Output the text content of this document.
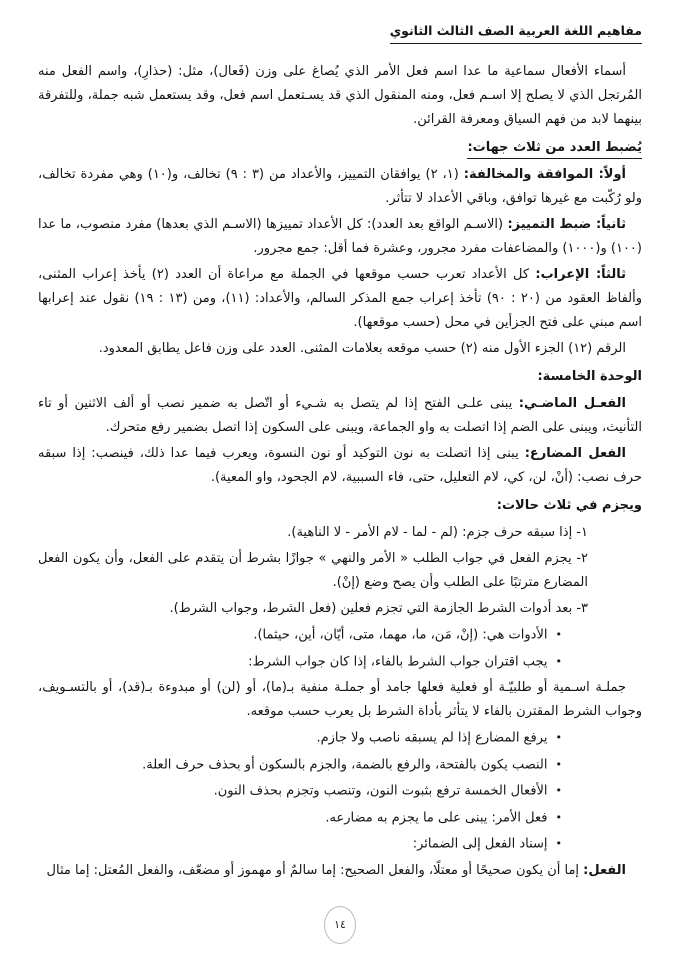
مفاهيم اللغة العربية الصف الثالث الثانوي
أسماء الأفعال سماعية ما عدا اسم فعل الأمر الذي يُصاغ على وزن (فَعال)، مثل: (حذارِ)، واسم الفعل منه المُرتجل الذي لا يصلح إلا اسـم فعل، ومنه المنقول الذي قد يسـتعمل اسم فعل، وقد يستعمل شبه جملة، وللتفرقة بينهما لابد من فهم السياق ومعرفة القرائن.
يُضبط العدد من ثلاث جهات:
أولاً: الموافقة والمخالفة: (١، ٢) يوافقان التمييز، والأعداد من (٣ : ٩) تخالف، و(١٠) وهي مفردة تخالف، ولو رُكّبت مع غيرها توافق، وباقي الأعداد لا تتأثر.
ثانياً: ضبط التمييز: (الاسـم الواقع بعد العدد): كل الأعداد تمييزها (الاسـم الذي بعدها) مفرد منصوب، ما عدا (١٠٠) و(١٠٠٠) والمضاعفات مفرد مجرور، وعشرة فما أقل: جمع مجرور.
ثالثاً: الإعراب: كل الأعداد تعرب حسب موقعها في الجملة مع مراعاة أن العدد (٢) يأخذ إعراب المثنى، وألفاظ العقود من (٢٠ : ٩٠) تأخذ إعراب جمع المذكر السالم، والأعداد: (١١)، ومن (١٣ : ١٩) نقول عند إعرابها اسم مبني على فتح الجزأين في محل (حسب موقعها).
الرقم (١٢) الجزء الأول منه (٢) حسب موقعه بعلامات المثنى. العدد على وزن فاعل يطابق المعدود.
الوحدة الخامسة:
الفعـل الماضـي: يبنى علـى الفتح إذا لم يتصل به شـيء أو اتّصل به ضمير نصب أو ألف الاثنين أو تاء التأنيث، ويبنى على الضم إذا اتصلت به واو الجماعة، ويبنى على السكون إذا اتصل بضمير رفع متحرك.
الفعل المضارع: يبنى إذا اتصلت به نون التوكيد أو نون النسوة، ويعرب فيما عدا ذلك، فينصب: إذا سبقه حرف نصب: (أنْ، لن، كي، لام التعليل، حتى، فاء السببية، لام الجحود، واو المعية).
ويجزم في ثلاث حالات:
١- إذا سبقه حرف جزم: (لم - لما - لام الأمر - لا الناهية).
٢- يجزم الفعل في جواب الطلب « الأمر والنهي » جوازًا بشرط أن يتقدم على الفعل، وأن يكون الفعل المضارع مترتبًا على الطلب وأن يصح وضع (إنْ).
٣- بعد أدوات الشرط الجازمة التي تجزم فعلين (فعل الشرط، وجواب الشرط).
•الأدوات هي: (إنْ، مَن، ما، مهما، متى، أيّان، أين، حيثما).
•يجب اقتران جواب الشرط بالفاء، إذا كان جواب الشرط:
جملـة اسـمية أو طلبيّـة أو فعلية فعلها جامد أو جملـة منفية بـ(ما)، أو (لن) أو مبدوءة بـ(قد)، أو بالتسـويف، وجواب الشرط المقترن بالفاء لا يتأثر بأداة الشرط بل يعرب حسب موقعه.
•يرفع المضارع إذا لم يسبقه ناصب ولا جازم.
•النصب يكون بالفتحة، والرفع بالضمة، والجزم بالسكون أو بحذف حرف العلة.
•الأفعال الخمسة ترفع بثبوت النون، وتنصب وتجزم بحذف النون.
•فعل الأمر: يبنى على ما يجزم به مضارعه.
•إسناد الفعل إلى الضمائر:
الفعل: إما أن يكون صحيحًا أو معتلًا، والفعل الصحيح: إما سالمٌ أو مهموز أو مضعّف، والفعل المُعتل: إما مثال
١٤
